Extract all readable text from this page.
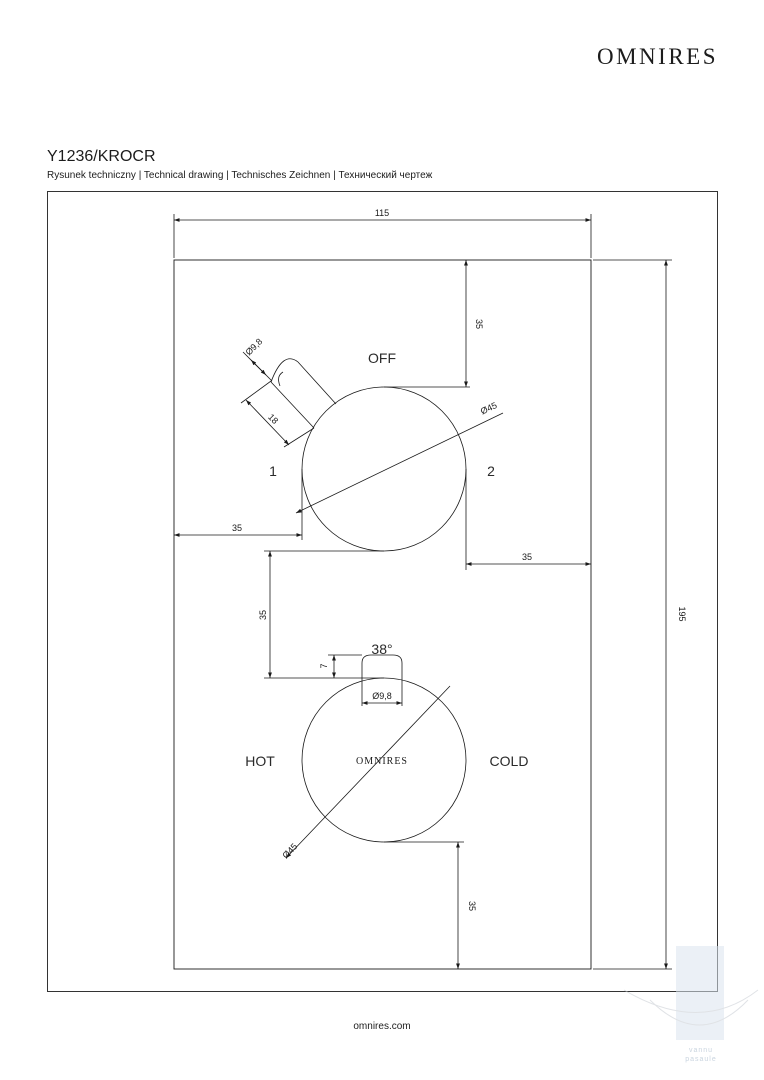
OMNIRES
Y1236/KROCR
Rysunek techniczny | Technical drawing | Technisches Zeichnen | Технический чертеж
115
195
35
35
35
35
35
Ø45
Ø45
Ø9,8
18
7
Ø9,8
OFF
1	2
HOT	COLD
38°
OMNIRES
vannu pasaule
omnires.com
